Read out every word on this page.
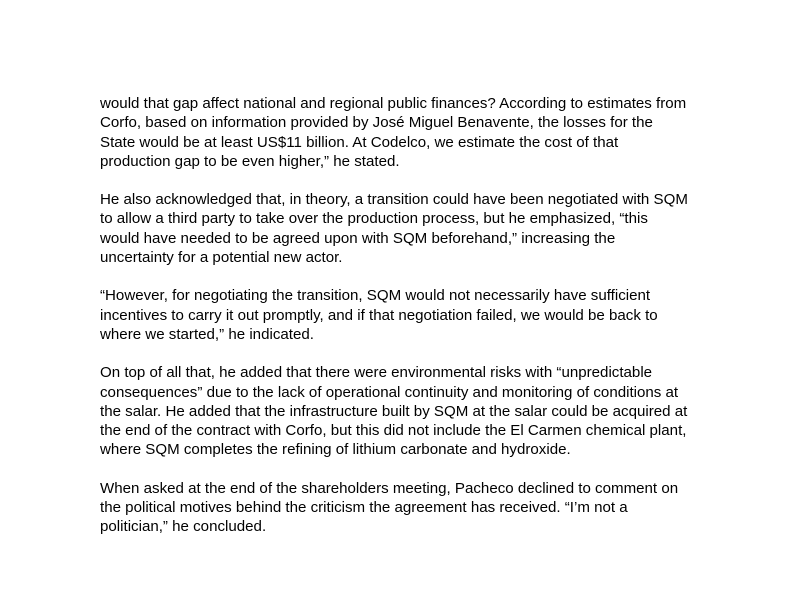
would that gap affect national and regional public finances? According to estimates from
Corfo, based on information provided by José Miguel Benavente, the losses for the
State would be at least US$11 billion. At Codelco, we estimate the cost of that
production gap to be even higher,” he stated.

He also acknowledged that, in theory, a transition could have been negotiated with SQM
to allow a third party to take over the production process, but he emphasized, “this
would have needed to be agreed upon with SQM beforehand,” increasing the
uncertainty for a potential new actor.

“However, for negotiating the transition, SQM would not necessarily have sufficient
incentives to carry it out promptly, and if that negotiation failed, we would be back to
where we started,” he indicated.

On top of all that, he added that there were environmental risks with “unpredictable
consequences” due to the lack of operational continuity and monitoring of conditions at
the salar. He added that the infrastructure built by SQM at the salar could be acquired at
the end of the contract with Corfo, but this did not include the El Carmen chemical plant,
where SQM completes the refining of lithium carbonate and hydroxide.

When asked at the end of the shareholders meeting, Pacheco declined to comment on
the political motives behind the criticism the agreement has received. “I’m not a
politician,” he concluded.
